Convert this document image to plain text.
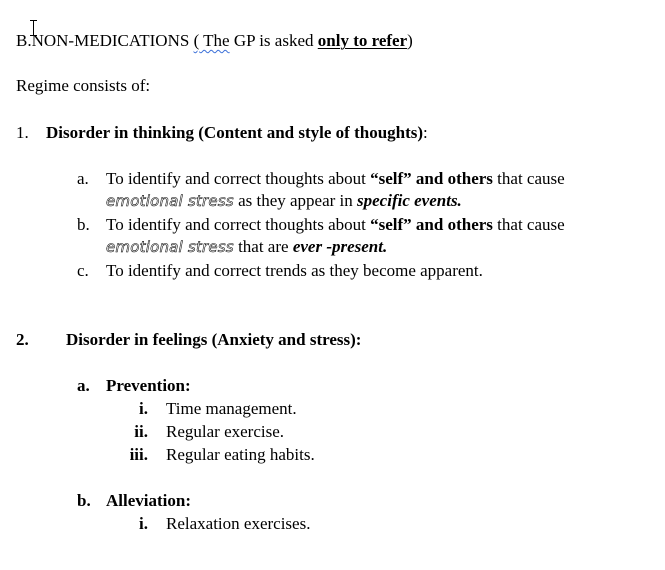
B.NON-MEDICATIONS ( The GP is asked only to refer)
Regime consists of:
1. Disorder in thinking (Content and style of thoughts):
a. To identify and correct thoughts about “self” and others that cause
emotional stress as they appear in specific events.
b. To identify and correct thoughts about “self” and others that cause
emotional stress that are ever -present.
c. To identify and correct trends as they become apparent.
2. Disorder in feelings (Anxiety and stress):
a. Prevention:
i. Time management.
ii. Regular exercise.
iii. Regular eating habits.
b. Alleviation:
i. Relaxation exercises.
